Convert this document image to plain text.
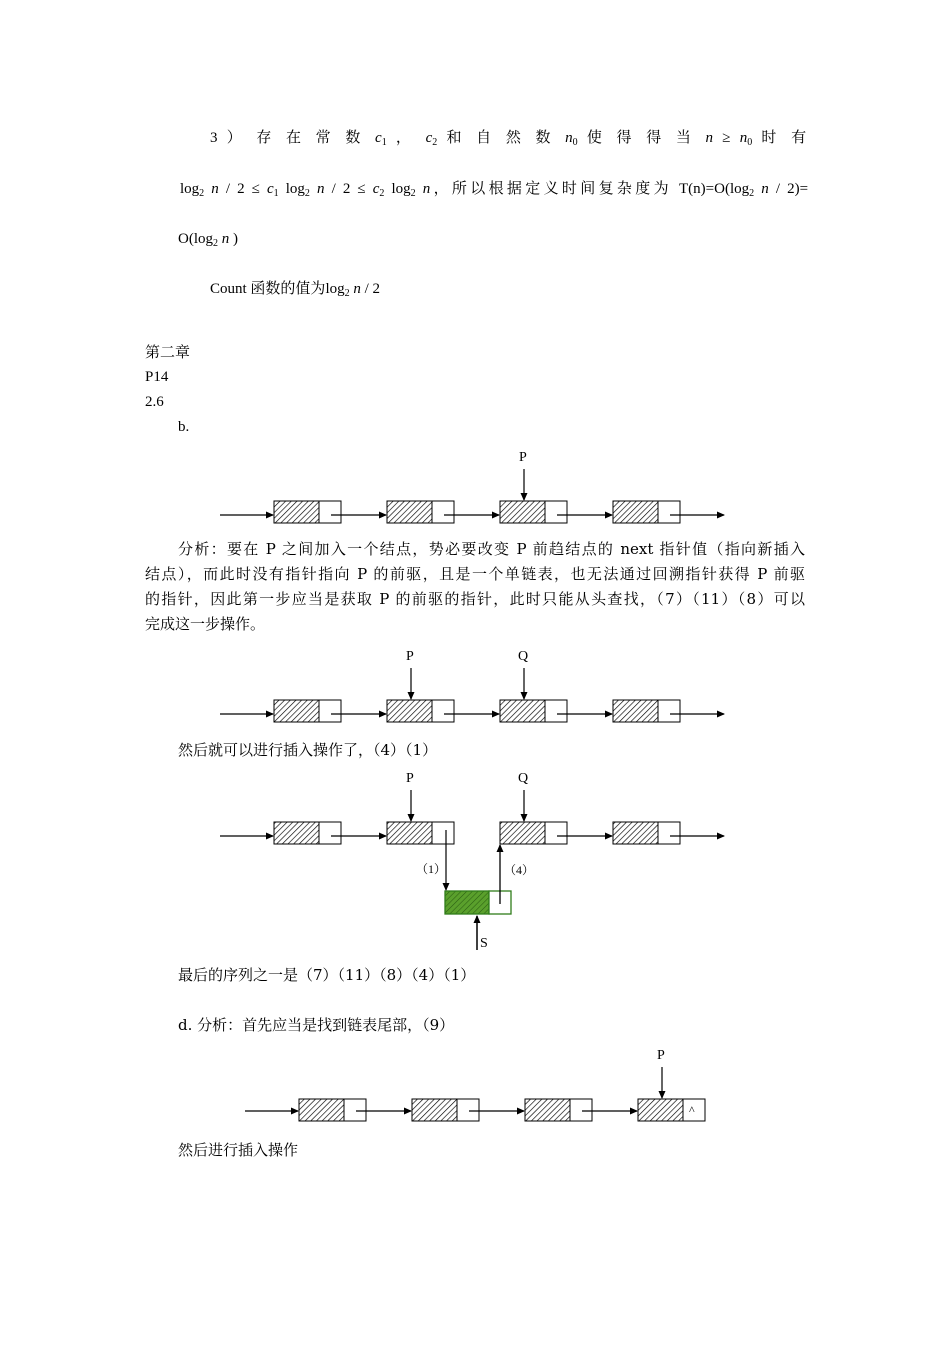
3 ） 存 在 常 数 $c_1$ ， $c_2$ 和 自 然 数 $n_0$ 使 得 得 当 $n \ge n_0$ 时 有
$\log_2 n / 2 \le c_1$ $\log_2 n / 2 \le c_2$ $\log_2 n$，所以根据定义时间复杂度为 $T(n)=O(\log_2$ n / 2)=
$O(\log_2$ n )
Count 函数的值为$\log_2 n / 2$
第二章
P14
2.6
b.
分析：要在 P 之间加入一个结点，势必要改变 P 前趋结点的 next 指针值（指向新插入
结点），而此时没有指针指向 P 的前驱，且是一个单链表，也无法通过回溯指针获得 P 前驱
的指针，因此第一步应当是获取 P 的前驱的指针，此时只能从头查找，（7）（11）（8）可以
完成这一步操作。
然后就可以进行插入操作了，（4）（1）
最后的序列之一是（7）（11）（8）（4）（1）
d. 分析：首先应当是找到链表尾部，（9）
然后进行插入操作
P
P	Q
P	Q
（1）	（4）
S
^
P
